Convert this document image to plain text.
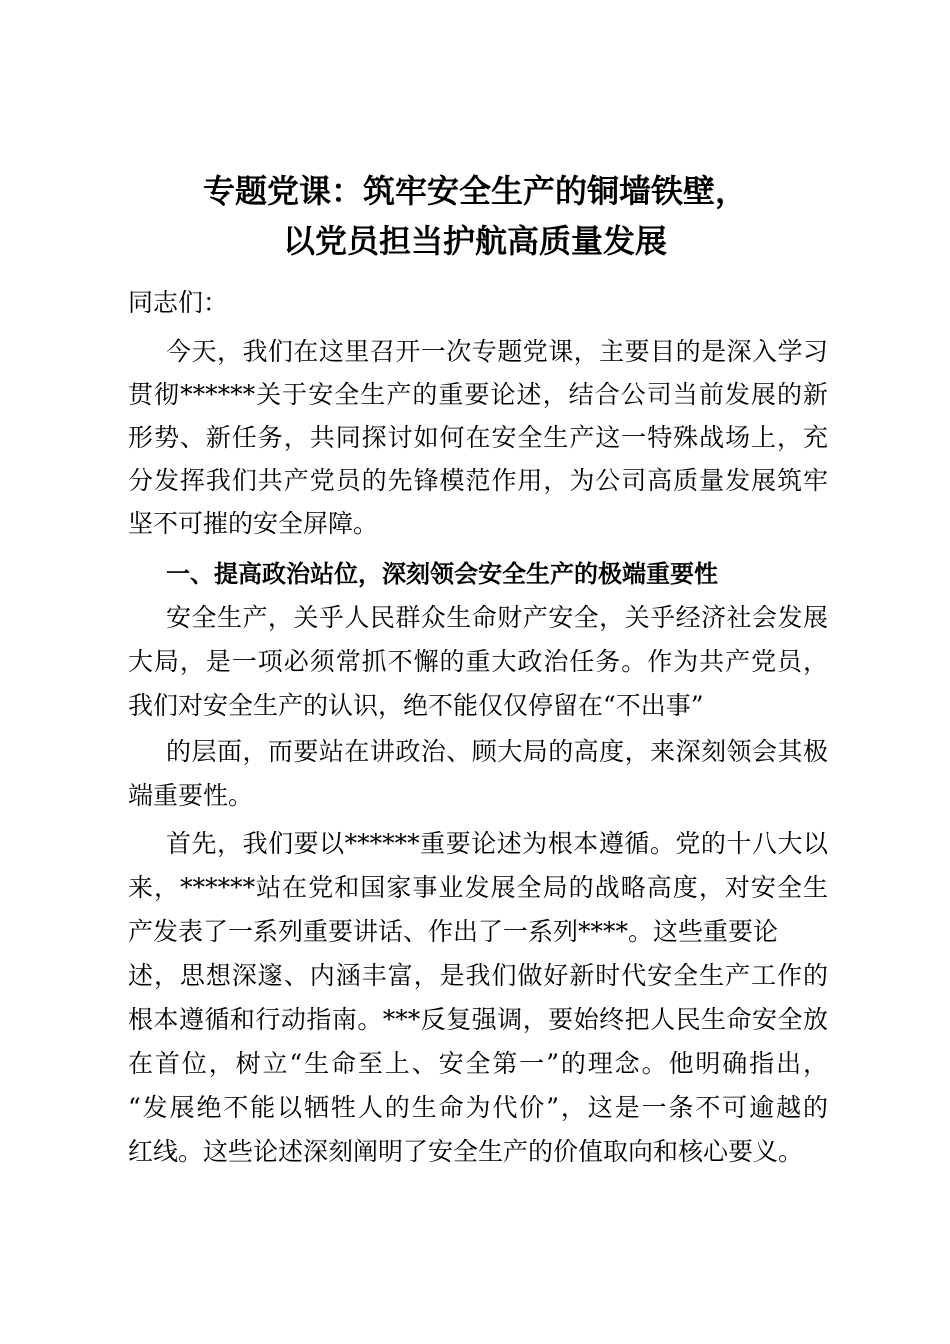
专题党课：筑牢安全生产的铜墙铁壁，
以党员担当护航高质量发展
同志们：
今天，我们在这里召开一次专题党课，主要目的是深入学习
贯彻******关于安全生产的重要论述，结合公司当前发展的新
形势、新任务，共同探讨如何在安全生产这一特殊战场上，充
分发挥我们共产党员的先锋模范作用，为公司高质量发展筑牢
坚不可摧的安全屏障。
一、提高政治站位，深刻领会安全生产的极端重要性
安全生产，关乎人民群众生命财产安全，关乎经济社会发展
大局，是一项必须常抓不懈的重大政治任务。作为共产党员，
我们对安全生产的认识，绝不能仅仅停留在“不出事”
的层面，而要站在讲政治、顾大局的高度，来深刻领会其极
端重要性。
首先，我们要以******重要论述为根本遵循。党的十八大以
来，******站在党和国家事业发展全局的战略高度，对安全生
产发表了一系列重要讲话、作出了一系列****。这些重要论
述，思想深邃、内涵丰富，是我们做好新时代安全生产工作的
根本遵循和行动指南。***反复强调，要始终把人民生命安全放
在首位，树立“生命至上、安全第一”的理念。他明确指出，
“发展绝不能以牺牲人的生命为代价”，这是一条不可逾越的
红线。这些论述深刻阐明了安全生产的价值取向和核心要义。
